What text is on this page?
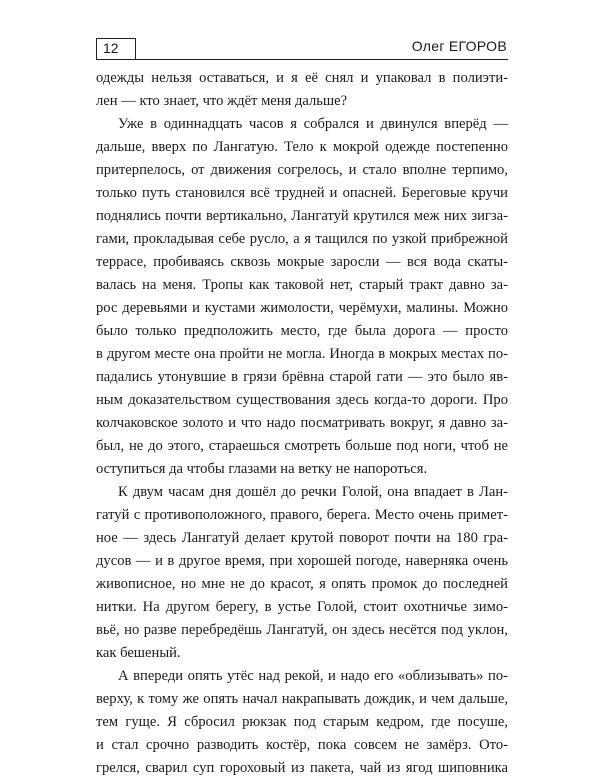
12	Олег ЕГОРОВ

одежды нельзя оставаться, и я её снял и упаковал в полиэти-
лен — кто знает, что ждёт меня дальше?

Уже в одиннадцать часов я собрался и двинулся вперёд —
дальше, вверх по Лангатую. Тело к мокрой одежде постепенно
притерпелось, от движения согрелось, и стало вполне терпимо,
только путь становился всё трудней и опасней. Береговые кручи
поднялись почти вертикально, Лангатуй крутился меж них зигза-
гами, прокладывая себе русло, а я тащился по узкой прибрежной
террасе, пробиваясь сквозь мокрые заросли — вся вода скаты-
валась на меня. Тропы как таковой нет, старый тракт давно за-
рос деревьями и кустами жимолости, черёмухи, малины. Можно
было только предположить место, где была дорога — просто
в другом месте она пройти не могла. Иногда в мокрых местах по-
падались утонувшие в грязи брёвна старой гати — это было яв-
ным доказательством существования здесь когда-то дороги. Про
колчаковское золото и что надо посматривать вокруг, я давно за-
был, не до этого, стараешься смотреть больше под ноги, чтоб не
оступиться да чтобы глазами на ветку не напороться.

К двум часам дня дошёл до речки Голой, она впадает в Лан-
гатуй с противоположного, правого, берега. Место очень примет-
ное — здесь Лангатуй делает крутой поворот почти на 180 гра-
дусов — и в другое время, при хорошей погоде, наверняка очень
живописное, но мне не до красот, я опять промок до последней
нитки. На другом берегу, в устье Голой, стоит охотничье зимо-
вьё, но разве перебредёшь Лангатуй, он здесь несётся под уклон,
как бешеный.

А впереди опять утёс над рекой, и надо его «облизывать» по-
верху, к тому же опять начал накрапывать дождик, и чем дальше,
тем гуще. Я сбросил рюкзак под старым кедром, где посуше,
и стал срочно разводить костёр, пока совсем не замёрз. Ото-
грелся, сварил суп гороховый из пакета, чай из ягод шиповника
